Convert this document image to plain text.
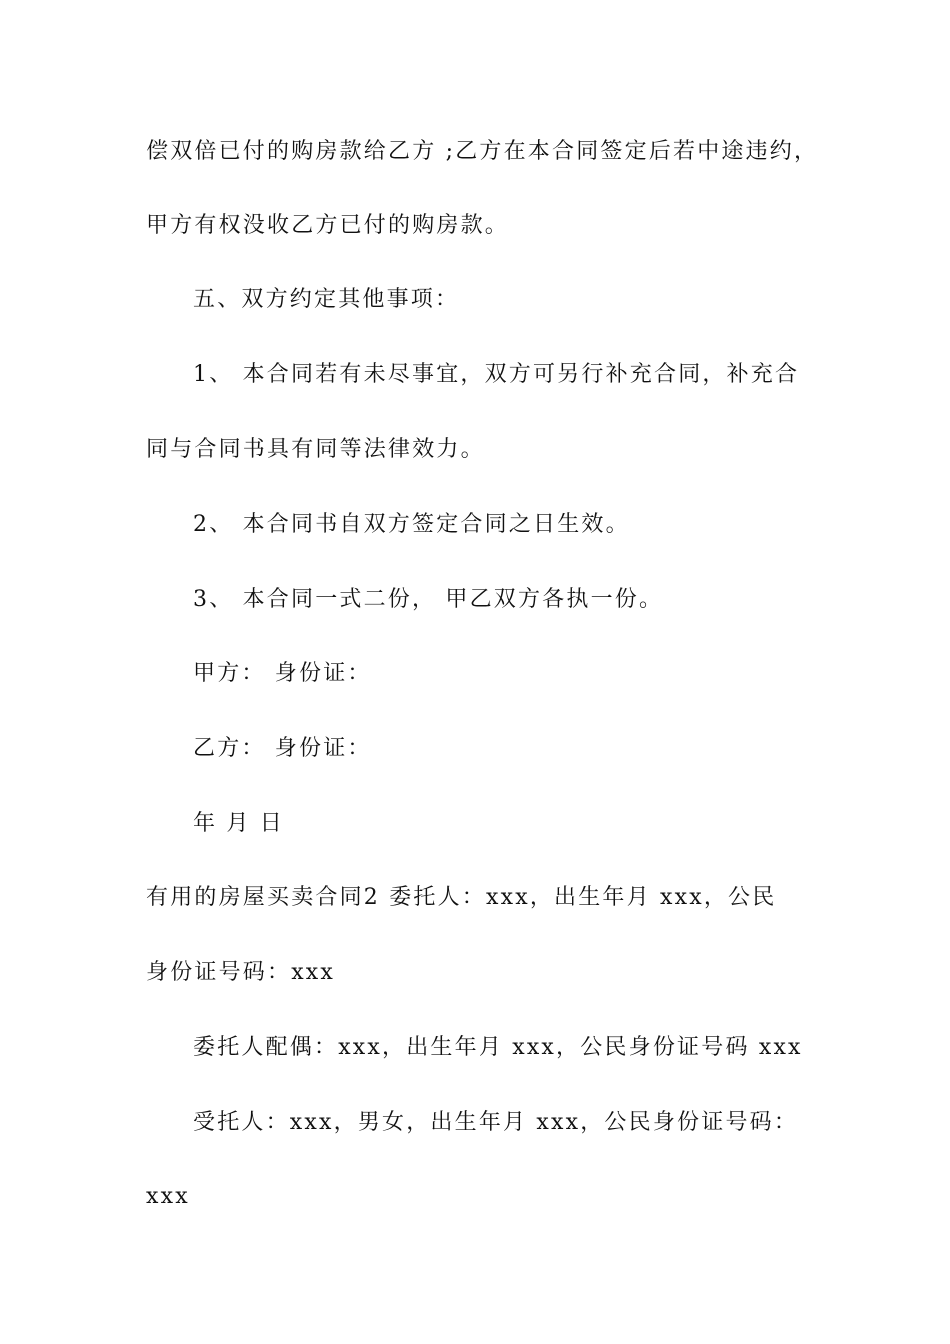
偿双倍已付的购房款给乙方 ;乙方在本合同签定后若中途违约，
甲方有权没收乙方已付的购房款。
五、双方约定其他事项：
1、 本合同若有未尽事宜，双方可另行补充合同，补充合
同与合同书具有同等法律效力。
2、 本合同书自双方签定合同之日生效。
3、 本合同一式二份， 甲乙双方各执一份。
甲方： 身份证：
乙方： 身份证：
年 月 日
有用的房屋买卖合同2 委托人：xxx，出生年月 xxx，公民
身份证号码：xxx
委托人配偶：xxx，出生年月 xxx，公民身份证号码 xxx
受托人：xxx，男女，出生年月 xxx，公民身份证号码：
xxx
